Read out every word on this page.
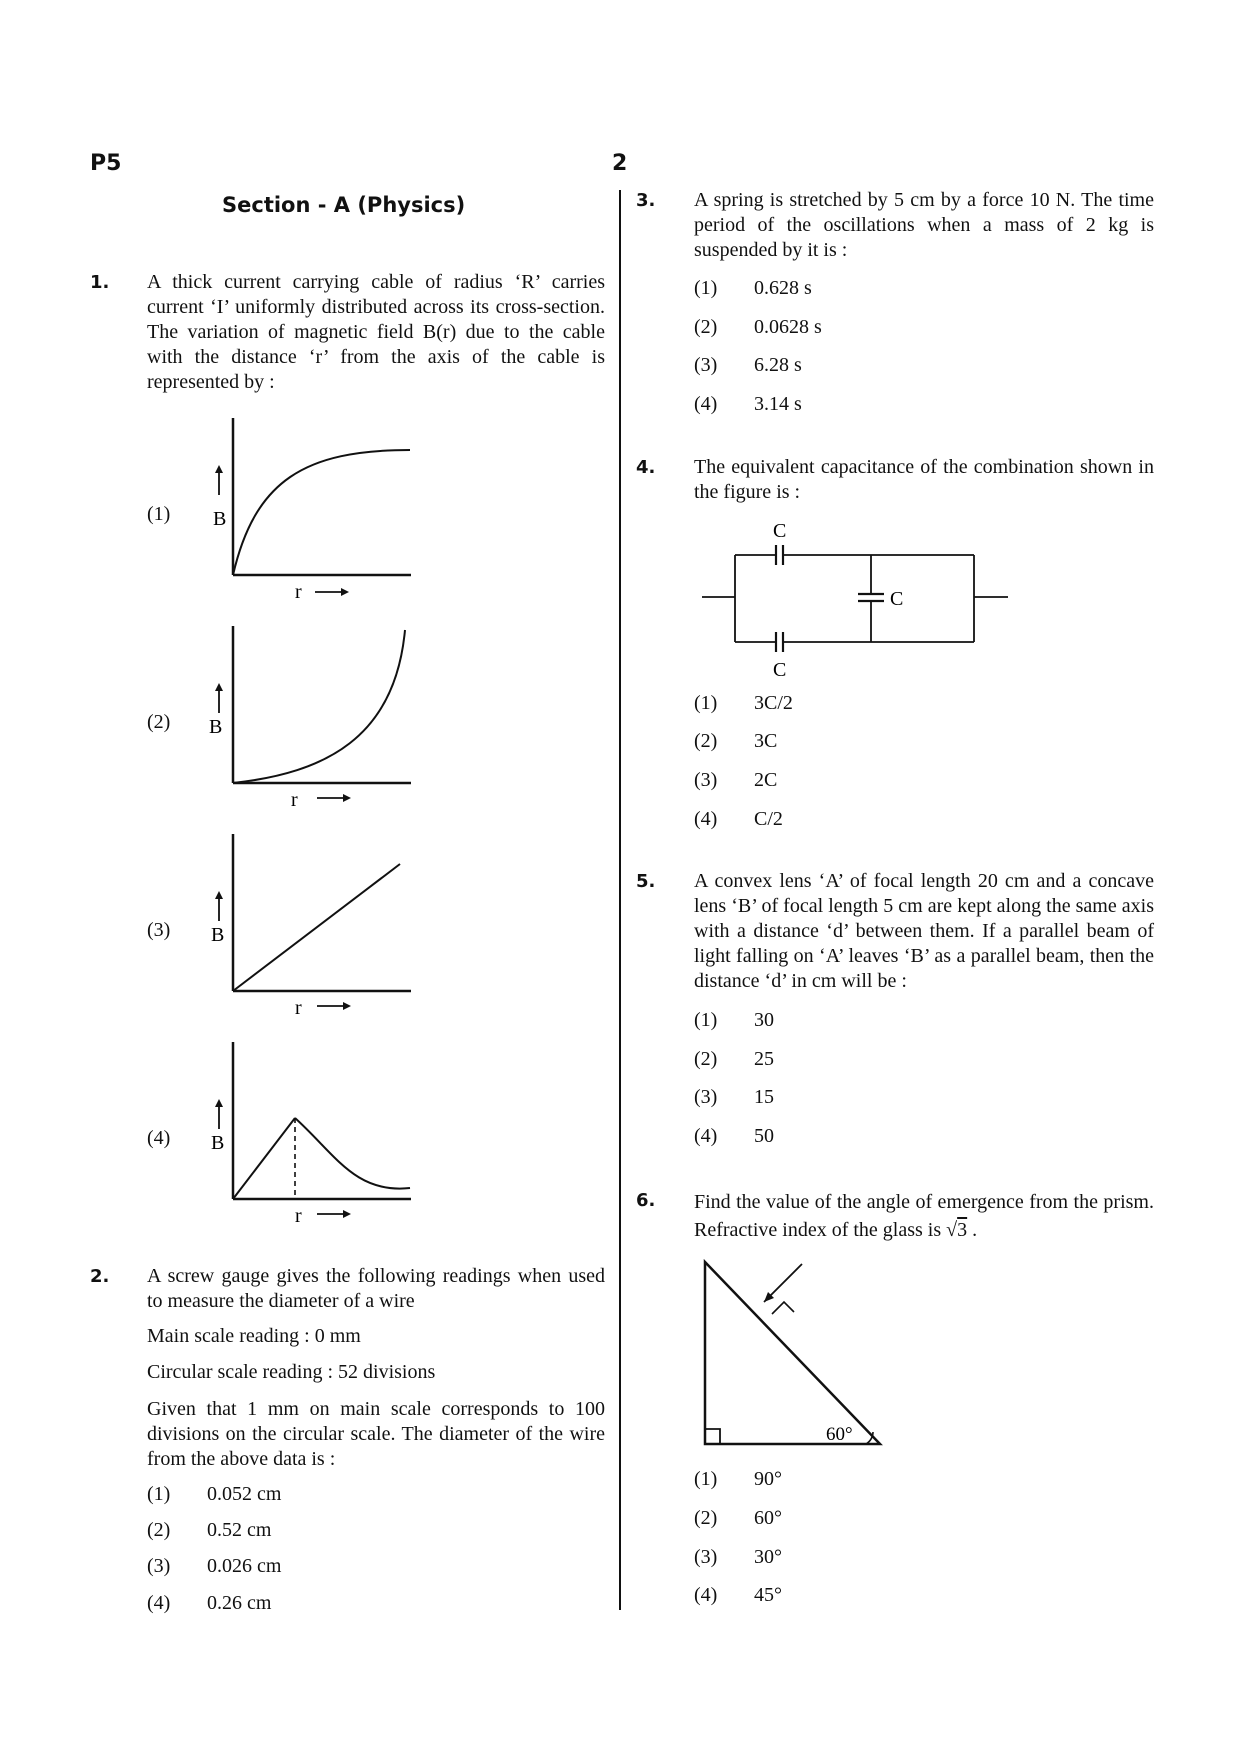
P5	2
Section - A (Physics)
1. A thick current carrying cable of radius ‘R’ carries current ‘I’ uniformly distributed across its cross-section. The variation of magnetic field B(r) due to the cable with the distance ‘r’ from the axis of the cable is represented by :
(1)
(2)
(3)
(4)
B
r
B
r
B
r
B
r
2. A screw gauge gives the following readings when used to measure the diameter of a wire
Main scale reading : 0 mm
Circular scale reading : 52 divisions
Given that 1 mm on main scale corresponds to 100 divisions on the circular scale. The diameter of the wire from the above data is :
(1) 0.052 cm
(2) 0.52 cm
(3) 0.026 cm
(4) 0.26 cm
3. A spring is stretched by 5 cm by a force 10 N. The time period of the oscillations when a mass of 2 kg is suspended by it is :
(1) 0.628 s
(2) 0.0628 s
(3) 6.28 s
(4) 3.14 s
4. The equivalent capacitance of the combination shown in the figure is :
C
C
C
(1) 3C/2
(2) 3C
(3) 2C
(4) C/2
5. A convex lens ‘A’ of focal length 20 cm and a concave lens ‘B’ of focal length 5 cm are kept along the same axis with a distance ‘d’ between them. If a parallel beam of light falling on ‘A’ leaves ‘B’ as a parallel beam, then the distance ‘d’ in cm will be :
(1) 30
(2) 25
(3) 15
(4) 50
6. Find the value of the angle of emergence from the prism. Refractive index of the glass is √3 .
60°
(1) 90°
(2) 60°
(3) 30°
(4) 45°
